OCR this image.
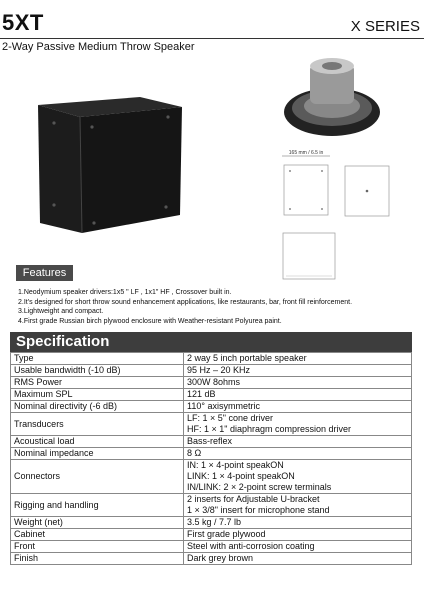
5XT	X SERIES
2-Way Passive Medium Throw Speaker
165 mm / 6.5 in
Features
1.Neodymium speaker drivers:1x5 " LF , 1x1" HF , Crossover built in.
2.It's designed for short throw sound enhancement applications, like restaurants, bar, front fill reinforcement.
3.Lightweight and compact.
4.First grade Russian birch plywood enclosure with Weather-resistant Polyurea paint.
Specification
Type	2 way 5 inch portable speaker

Usable bandwidth (-10 dB)	95 Hz – 20 KHz

RMS Power	300W 8ohms

Maximum SPL	121 dB

Nominal directivity (-6 dB)	110° axisymmetric

Transducers	LF: 1 × 5" cone driver
HF: 1 × 1" diaphragm compression driver

Acoustical load	Bass-reflex

Nominal impedance	8 Ω

Connectors	IN: 1 × 4-point speakON
LINK: 1 × 4-point speakON
IN/LINK: 2 × 2-point screw terminals

Rigging and handling	2 inserts for Adjustable U-bracket
1 × 3/8" insert for microphone stand

Weight (net)	3.5 kg / 7.7 lb

Cabinet	First grade plywood

Front	Steel with anti-corrosion coating

Finish	Dark grey brown
